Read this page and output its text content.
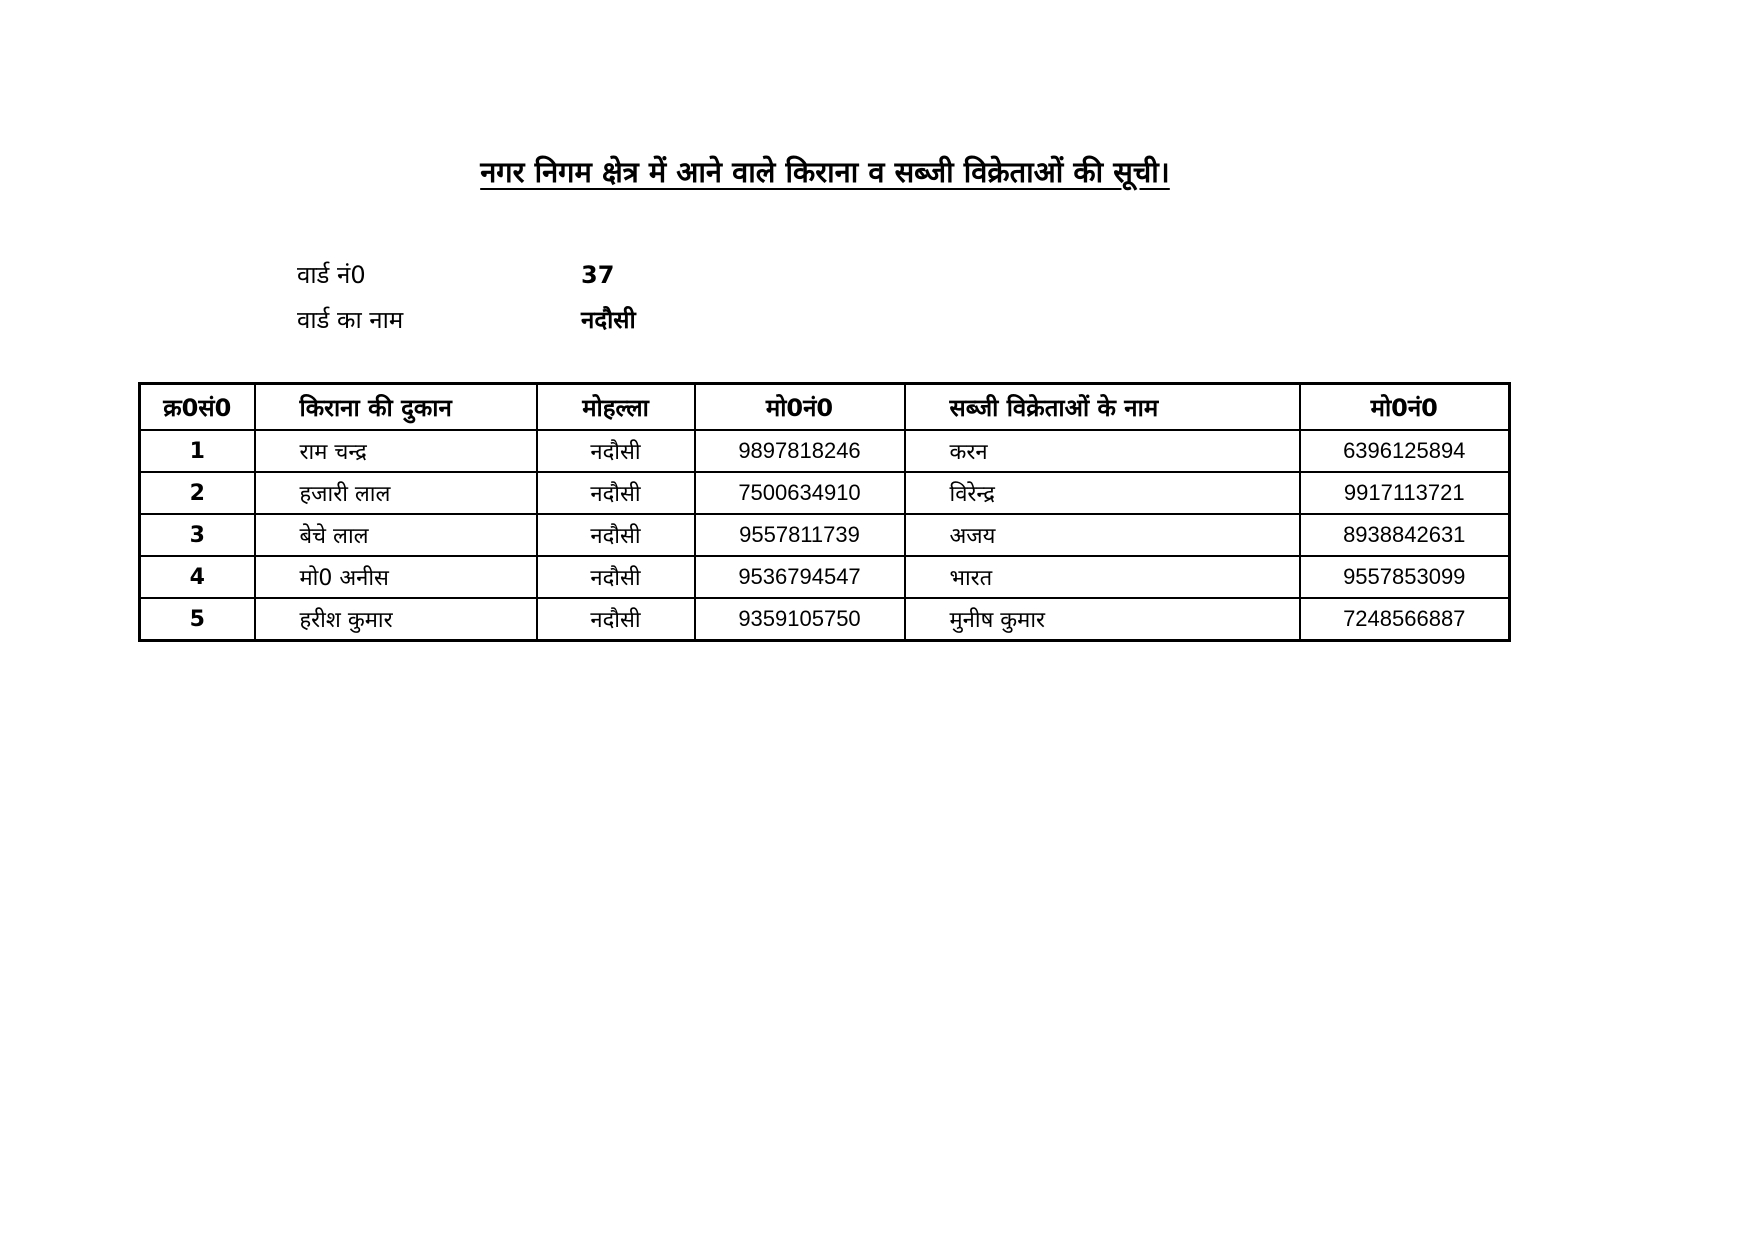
नगर निगम क्षेत्र में आने वाले किराना व सब्जी विक्रेताओं की सूची।
वार्ड नं0	37
वार्ड का नाम	नदौसी
क्र0सं0	किराना की दुकान	मोहल्ला	मो0नं0	सब्जी विक्रेताओं के नाम	मो0नं0
1	राम चन्द्र	नदौसी	9897818246	करन	6396125894
2	हजारी लाल	नदौसी	7500634910	विरेन्द्र	9917113721
3	बेचे लाल	नदौसी	9557811739	अजय	8938842631
4	मो0 अनीस	नदौसी	9536794547	भारत	9557853099
5	हरीश कुमार	नदौसी	9359105750	मुनीष कुमार	7248566887
